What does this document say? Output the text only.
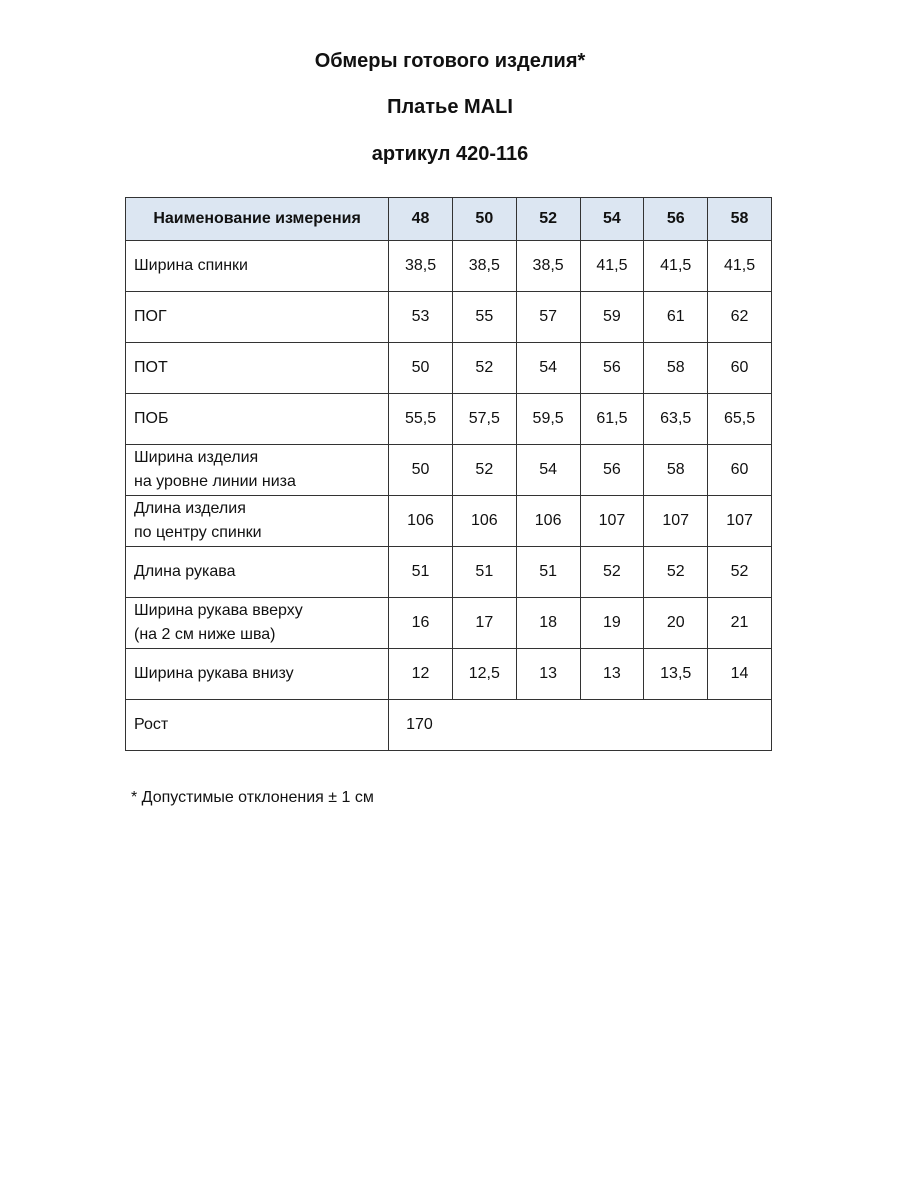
Обмеры готового изделия*
Платье MALI
артикул 420-116
Наименование измерения	48	50	52	54	56	58

Ширина спинки	38,5	38,5	38,5	41,5	41,5	41,5

ПОГ	53	55	57	59	61	62

ПОТ	50	52	54	56	58	60

ПОБ	55,5	57,5	59,5	61,5	63,5	65,5

Ширина изделия
на уровне линии низа	50	52	54	56	58	60

Длина изделия
по центру спинки	106	106	106	107	107	107

Длина рукава	51	51	51	52	52	52

Ширина рукава вверху
(на 2 см ниже шва)	16	17	18	19	20	21

Ширина рукава внизу	12	12,5	13	13	13,5	14
Рост	170					
* Допустимые отклонения ± 1 см
